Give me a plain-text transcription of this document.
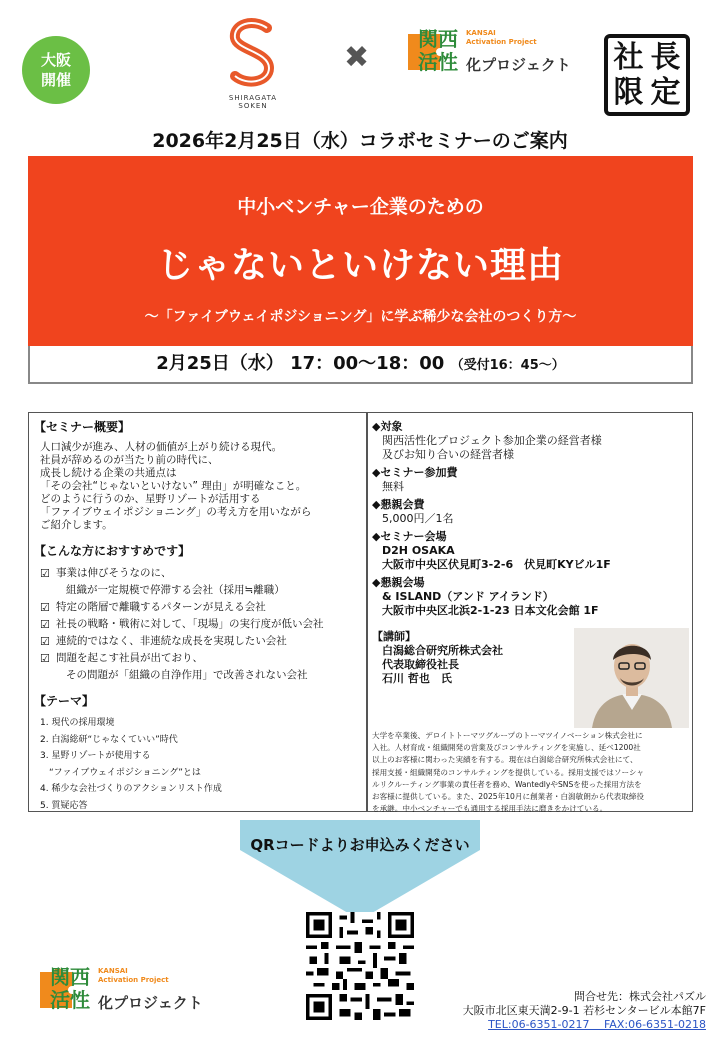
大阪
開催
SHIRAGATA SOKEN
✖
関西
活性
KANSAI
Activation Project
化プロジェクト 社 長
限 定
2026年2月25日（水）コラボセミナーのご案内
中小ベンチャー企業のための
じゃないといけない理由
～「ファイブウェイポジショニング」に学ぶ稀少な会社のつくり方～
2月25日（水） 17：00～18：00 （受付16：45～）
【セミナー概要】
人口減少が進み、人材の価値が上がり続ける現代。
社員が辞めるのが当たり前の時代に、
成長し続ける企業の共通点は
「その会社“じゃないといけない” 理由」が明確なこと。
どのように行うのか、星野リゾートが活用する
「ファイブウェイポジショニング」の考え方を用いながら
ご紹介します。
【こんな方におすすめです】
☑ 事業は伸びそうなのに、
組織が一定規模で停滞する会社（採用≒離職）
☑ 特定の階層で離職するパターンが見える会社
☑ 社長の戦略・戦術に対して、「現場」の実行度が低い会社
☑ 連続的ではなく、非連続な成長を実現したい会社
☑ 問題を起こす社員が出ており、
その問題が「組織の自浄作用」で改善されない会社
【テーマ】
1. 現代の採用環境
2. 白潟総研“じゃなくていい”時代
3. 星野リゾートが使用する
　“ファイブウェイポジショニング”とは
4. 稀少な会社づくりのアクションリスト作成
5. 質疑応答
◆対象
関西活性化プロジェクト参加企業の経営者様
及びお知り合いの経営者様
◆セミナー参加費
無料
◆懇親会費
5,000円／1名
◆セミナー会場
D2H OSAKA
大阪市中央区伏見町3-2-6　伏見町KYビル1F
◆懇親会場
& ISLAND（アンド アイランド）
大阪市中央区北浜2-1-23 日本文化会館 1F
【講師】
白潟総合研究所株式会社
代表取締役社長
石川 哲也　氏
大学を卒業後、デロイトトーマツグループのトーマツイノベーション株式会社に
入社。人材育成・組織開発の営業及びコンサルティングを実施し、延べ1200社
以上のお客様に関わった実績を有する。現在は白潟総合研究所株式会社にて、
採用支援・組織開発のコンサルティングを提供している。採用支援ではソーシャ
ルリクルーティング事業の責任者を務め、WantedlyやSNSを使った採用方法を
お客様に提供している。また、2025年10月に創業者・白潟敏朗から代表取締役
を承継。中小ベンチャーでも通用する採用手法に磨きをかけている。
QRコードよりお申込みください
関西
活性
KANSAI
Activation Project
化プロジェクト	問合せ先：株式会社パズル
大阪市北区東天満2-9-1 若杉センタービル本館7F
TEL:06-6351-0217　 FAX:06-6351-0218
